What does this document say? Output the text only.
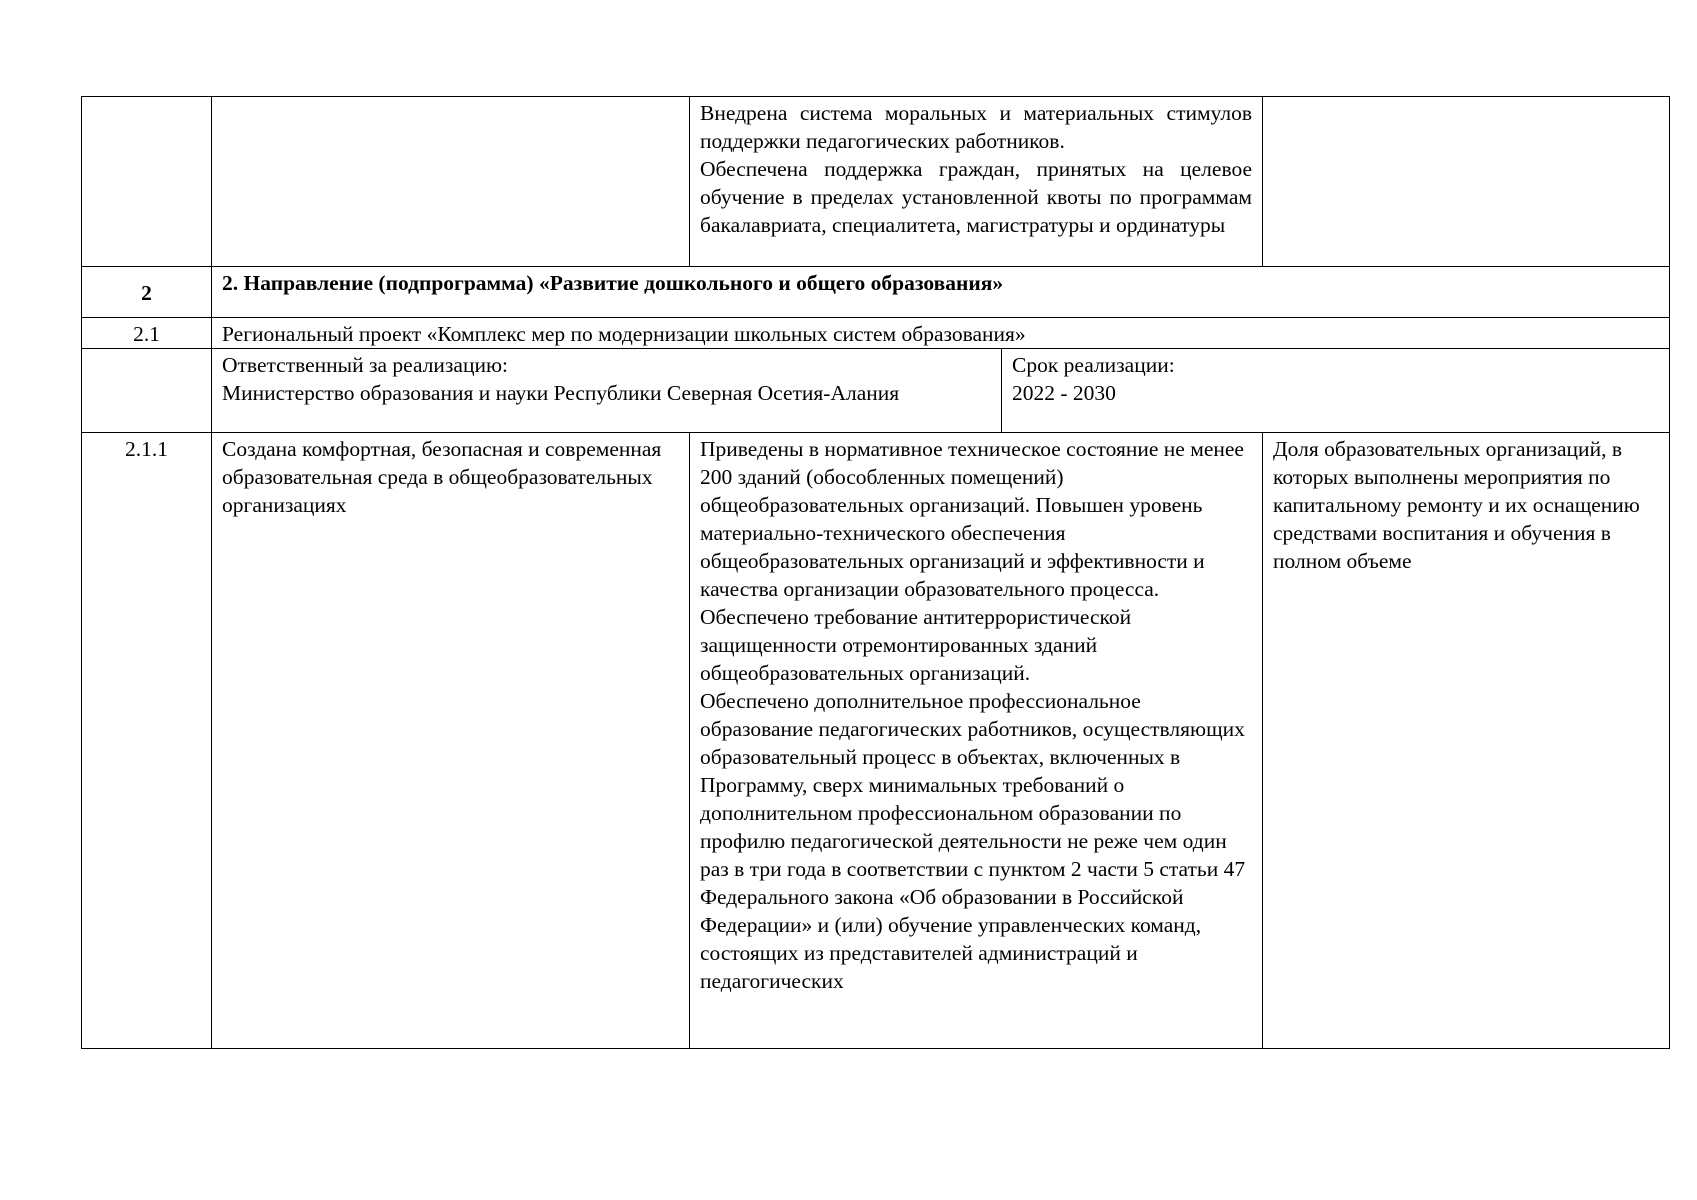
		Внедрена система моральных и материальных стимулов поддержки педагогических работников.
Обеспечена поддержка граждан, принятых на целевое обучение в пределах установленной квоты по программам бакалавриата, специалитета, магистратуры и ординатуры		

2	2. Направление (подпрограмма) «Развитие дошкольного и общего образования»			
2.1	Региональный проект «Комплекс мер по модернизации школьных систем образования»			

	Ответственный за реализацию:
Министерство образования и науки Республики Северная Осетия-Алания		Срок реализации:
2022 - 2030	

2.1.1	Создана комфортная, безопасная и современная образовательная среда в общеобразовательных организациях	Приведены в нормативное техническое состояние не менее 200 зданий (обособленных помещений) общеобразовательных организаций. Повышен уровень материально-технического обеспечения общеобразовательных организаций и эффективности и качества организации образовательного процесса.
Обеспечено требование антитеррористической защищенности отремонтированных зданий общеобразовательных организаций.
Обеспечено дополнительное профессиональное образование педагогических работников, осуществляющих образовательный процесс в объектах, включенных в Программу, сверх минимальных требований о дополнительном профессиональном образовании по профилю педагогической деятельности не реже чем один раз в три года в соответствии с пунктом 2 части 5 статьи 47 Федерального закона «Об образовании в Российской Федерации» и (или) обучение управленческих команд, состоящих из представителей администраций и педагогических		Доля образовательных организаций, в которых выполнены мероприятия по капитальному ремонту и их оснащению средствами воспитания и обучения в полном объеме
